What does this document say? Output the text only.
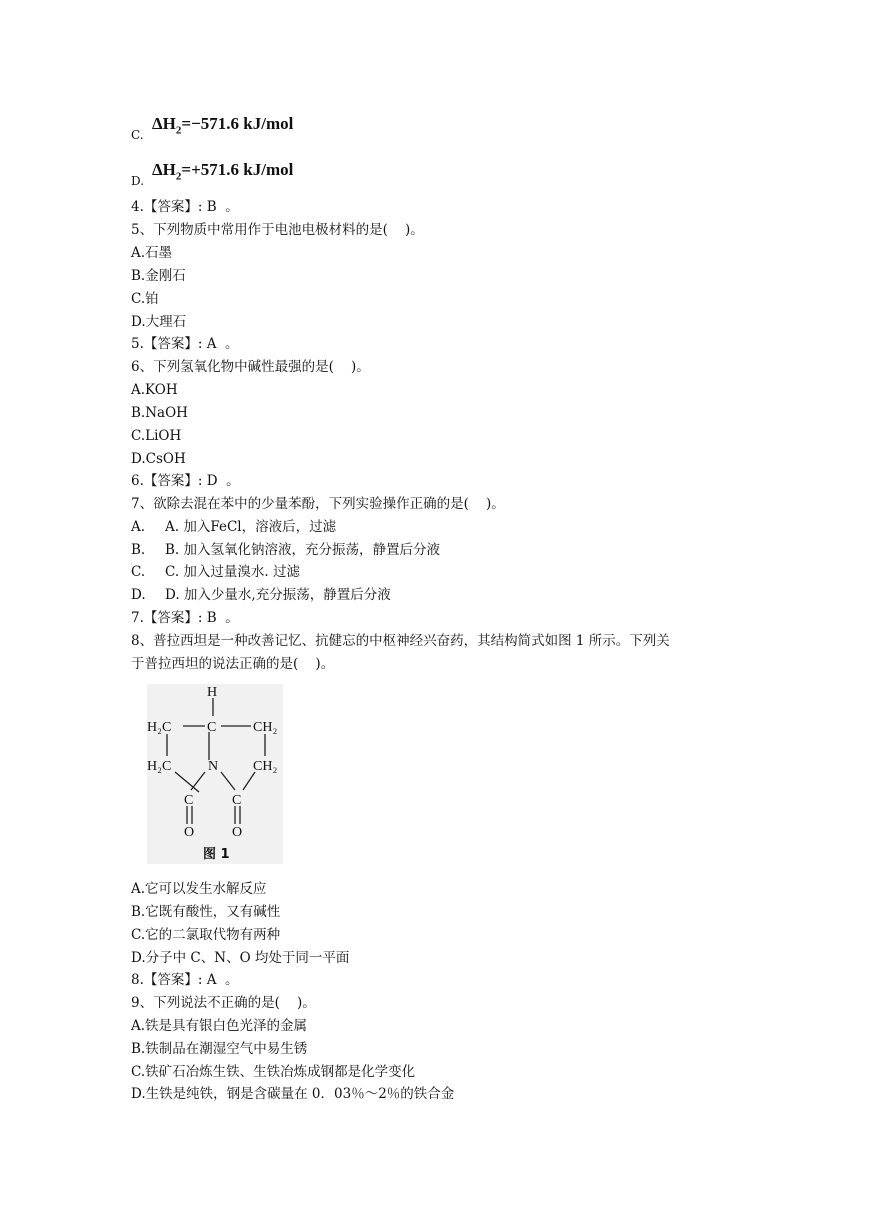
C.
$\Delta H_2=-571.6$ kJ/mol
D.
$\Delta H_2=+571.6$ kJ/mol
4.【答案】: B  。
5、下列物质中常用作于电池电极材料的是(    )。
A.石墨
B.金刚石
C.铂
D.大理石
5.【答案】: A  。
6、下列氢氧化物中碱性最强的是(    )。
A.KOH
B.NaOH
C.LiOH
D.CsOH
6.【答案】: D  。
7、欲除去混在苯中的少量苯酚，下列实验操作正确的是(    )。
A. A. 加入FeCl，溶液后，过滤
B. B. 加入氢氧化钠溶液，充分振荡，静置后分液
C. C. 加入过量溴水. 过滤
D. D. 加入少量水,充分振荡，静置后分液
7.【答案】: B  。
8、普拉西坦是一种改善记忆、抗健忘的中枢神经兴奋药，其结构简式如图 1 所示。下列关
于普拉西坦的说法正确的是(    )。
H
C
H₂C	CH₂
H₂C	CH₂
N
C	C
O	O
图 1
A.它可以发生水解反应
B.它既有酸性，又有碱性
C.它的二氯取代物有两种
D.分子中 C、N、O 均处于同一平面
8.【答案】: A  。
9、下列说法不正确的是(    )。
A.铁是具有银白色光泽的金属
B.铁制品在潮湿空气中易生锈
C.铁矿石冶炼生铁、生铁冶炼成钢都是化学变化
D.生铁是纯铁，钢是含碳量在 0．03％～2％的铁合金
